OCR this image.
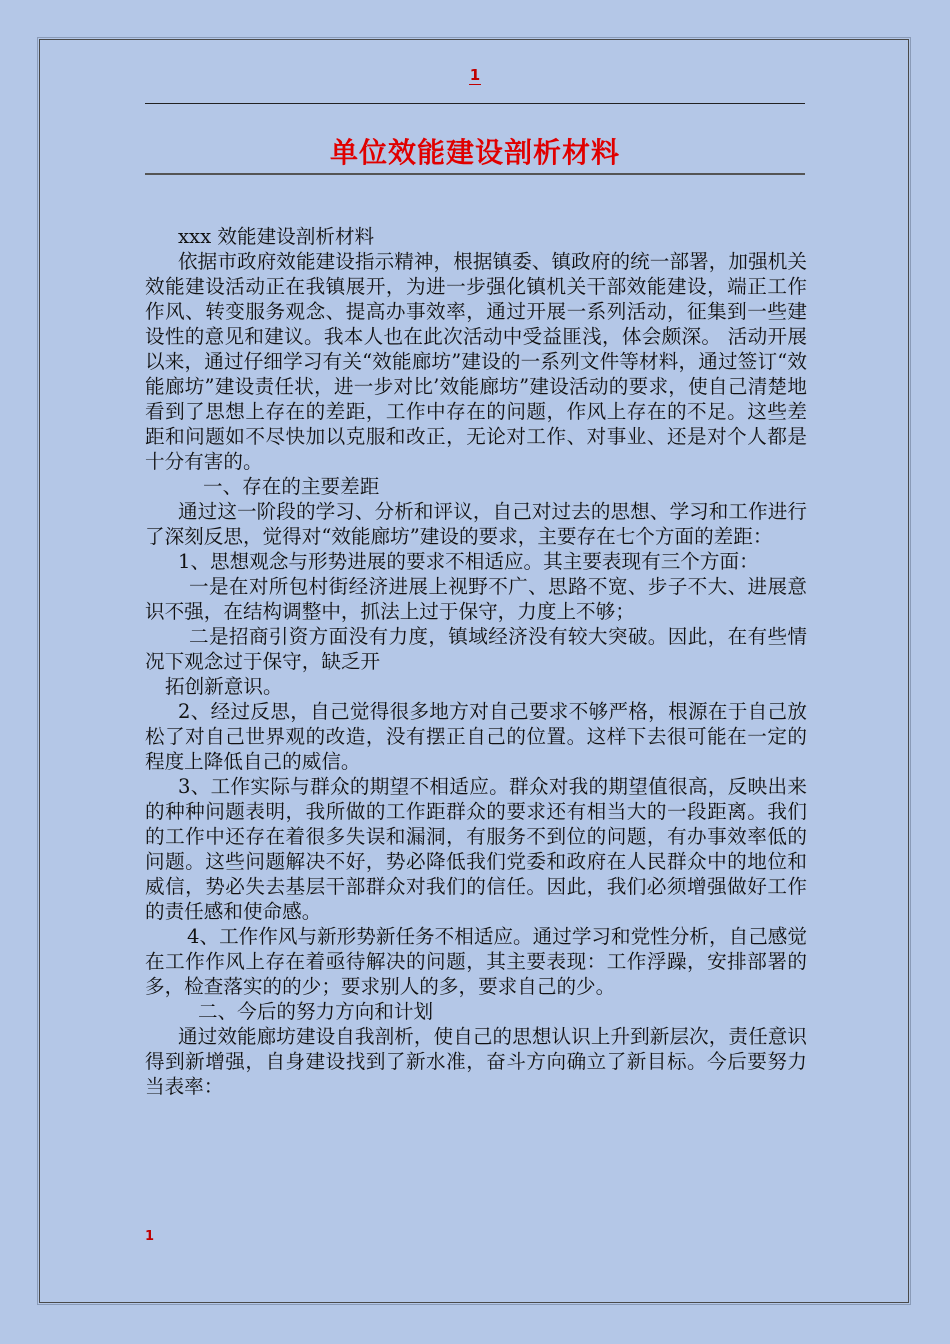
1
单位效能建设剖析材料

xxx 效能建设剖析材料

依据市政府效能建设指示精神，根据镇委、镇政府的统一部署，加强机关效能建设活动正在我镇展开，为进一步强化镇机关干部效能建设，端正工作作风、转变服务观念、提高办事效率，通过开展一系列活动，征集到一些建设性的意见和建议。我本人也在此次活动中受益匪浅，体会颇深。 活动开展以来，通过仔细学习有关“效能廊坊”建设的一系列文件等材料，通过签订“效能廊坊”建设责任状，进一步对比’效能廊坊”建设活动的要求，使自己清楚地看到了思想上存在的差距，工作中存在的问题，作风上存在的不足。这些差距和问题如不尽快加以克服和改正，无论对工作、对事业、还是对个人都是十分有害的。

一、存在的主要差距

通过这一阶段的学习、分析和评议，自己对过去的思想、学习和工作进行了深刻反思，觉得对“效能廊坊”建设的要求，主要存在七个方面的差距：

1、思想观念与形势进展的要求不相适应。其主要表现有三个方面：

一是在对所包村街经济进展上视野不广、思路不宽、步子不大、进展意识不强，在结构调整中，抓法上过于保守，力度上不够；

二是招商引资方面没有力度，镇域经济没有较大突破。因此，在有些情况下观念过于保守，缺乏开

拓创新意识。

2、经过反思，自己觉得很多地方对自己要求不够严格，根源在于自己放松了对自己世界观的改造，没有摆正自己的位置。这样下去很可能在一定的程度上降低自己的威信。

3、工作实际与群众的期望不相适应。群众对我的期望值很高，反映出来的种种问题表明，我所做的工作距群众的要求还有相当大的一段距离。我们的工作中还存在着很多失误和漏洞，有服务不到位的问题，有办事效率低的问题。这些问题解决不好，势必降低我们党委和政府在人民群众中的地位和威信，势必失去基层干部群众对我们的信任。因此，我们必须增强做好工作的责任感和使命感。

4、工作作风与新形势新任务不相适应。通过学习和党性分析，自己感觉在工作作风上存在着亟待解决的问题，其主要表现：工作浮躁，安排部署的多，检查落实的的少；要求别人的多，要求自己的少。

二、今后的努力方向和计划

通过效能廊坊建设自我剖析，使自己的思想认识上升到新层次，责任意识得到新增强，自身建设找到了新水准，奋斗方向确立了新目标。今后要努力当表率：

1
